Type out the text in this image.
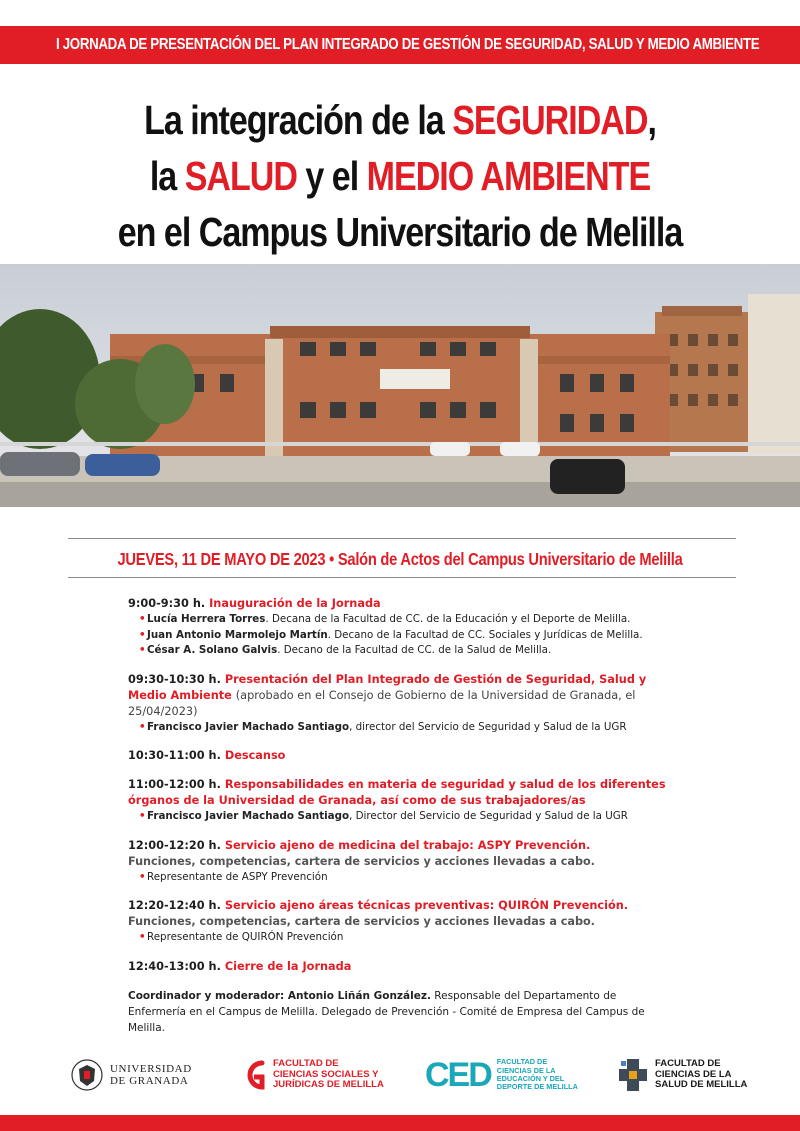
I JORNADA DE PRESENTACIÓN DEL PLAN INTEGRADO DE GESTIÓN DE SEGURIDAD, SALUD Y MEDIO AMBIENTE
La integración de la SEGURIDAD,
la SALUD y el MEDIO AMBIENTE
en el Campus Universitario de Melilla
JUEVES, 11 DE MAYO DE 2023 • Salón de Actos del Campus Universitario de Melilla
9:00-9:30 h. Inauguración de la Jornada
• Lucía Herrera Torres. Decana de la Facultad de CC. de la Educación y el Deporte de Melilla.
• Juan Antonio Marmolejo Martín. Decano de la Facultad de CC. Sociales y Jurídicas de Melilla.
• César A. Solano Galvis. Decano de la Facultad de CC. de la Salud de Melilla.
09:30-10:30 h. Presentación del Plan Integrado de Gestión de Seguridad, Salud y Medio Ambiente (aprobado en el Consejo de Gobierno de la Universidad de Granada, el 25/04/2023)
• Francisco Javier Machado Santiago, director del Servicio de Seguridad y Salud de la UGR
10:30-11:00 h. Descanso
11:00-12:00 h. Responsabilidades en materia de seguridad y salud de los diferentes órganos de la Universidad de Granada, así como de sus trabajadores/as
• Francisco Javier Machado Santiago, Director del Servicio de Seguridad y Salud de la UGR
12:00-12:20 h. Servicio ajeno de medicina del trabajo: ASPY Prevención.
Funciones, competencias, cartera de servicios y acciones llevadas a cabo.
• Representante de ASPY Prevención
12:20-12:40 h. Servicio ajeno áreas técnicas preventivas: QUIRÓN Prevención.
Funciones, competencias, cartera de servicios y acciones llevadas a cabo.
• Representante de QUIRÓN Prevención
12:40-13:00 h. Cierre de la Jornada
Coordinador y moderador: Antonio Liñán González. Responsable del Departamento de Enfermería en el Campus de Melilla. Delegado de Prevención - Comité de Empresa del Campus de Melilla.
UNIVERSIDAD
DE GRANADA
FACULTAD DE
CIENCIAS SOCIALES Y
JURÍDICAS DE MELILLA CED FACULTAD DE
CIENCIAS DE LA
EDUCACIÓN Y DEL
DEPORTE DE MELILLA
FACULTAD DE
CIENCIAS DE LA
SALUD DE MELILLA
